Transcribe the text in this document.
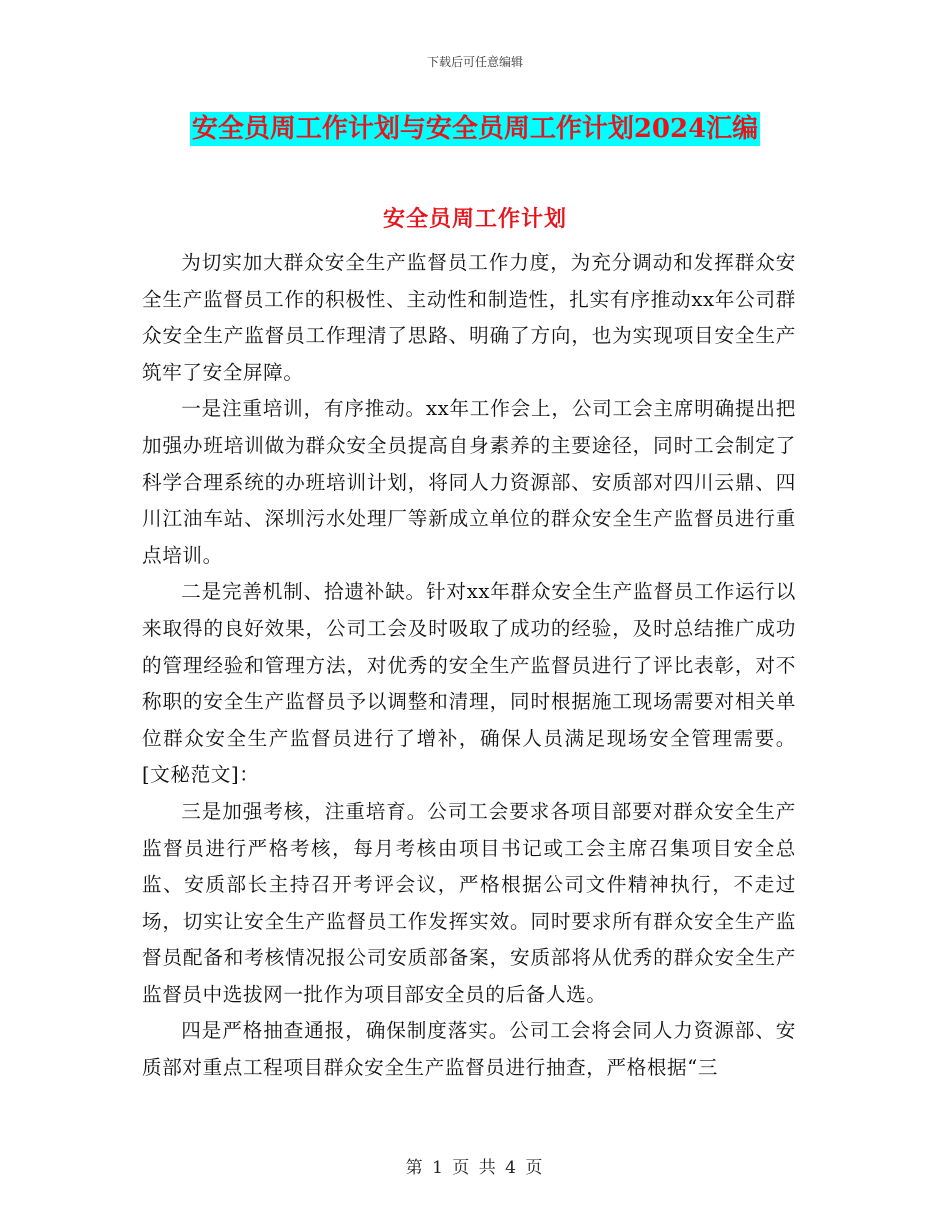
下载后可任意编辑
安全员周工作计划与安全员周工作计划2024汇编
安全员周工作计划

为切实加大群众安全生产监督员工作力度，为充分调动和发挥群众安全生产监督员工作的积极性、主动性和制造性，扎实有序推动xx年公司群众安全生产监督员工作理清了思路、明确了方向，也为实现项目安全生产筑牢了安全屏障。

一是注重培训，有序推动。xx年工作会上，公司工会主席明确提出把加强办班培训做为群众安全员提高自身素养的主要途径，同时工会制定了科学合理系统的办班培训计划，将同人力资源部、安质部对四川云鼎、四川江油车站、深圳污水处理厂等新成立单位的群众安全生产监督员进行重点培训。

二是完善机制、拾遗补缺。针对xx年群众安全生产监督员工作运行以来取得的良好效果，公司工会及时吸取了成功的经验，及时总结推广成功的管理经验和管理方法，对优秀的安全生产监督员进行了评比表彰，对不称职的安全生产监督员予以调整和清理，同时根据施工现场需要对相关单位群众安全生产监督员进行了增补，确保人员满足现场安全管理需要。[文秘范文]：

三是加强考核，注重培育。公司工会要求各项目部要对群众安全生产监督员进行严格考核，每月考核由项目书记或工会主席召集项目安全总监、安质部长主持召开考评会议，严格根据公司文件精神执行，不走过场，切实让安全生产监督员工作发挥实效。同时要求所有群众安全生产监督员配备和考核情况报公司安质部备案，安质部将从优秀的群众安全生产监督员中选拔网一批作为项目部安全员的后备人选。

四是严格抽查通报，确保制度落实。公司工会将会同人力资源部、安质部对重点工程项目群众安全生产监督员进行抽查，严格根据“三

第 1 页 共 4 页
